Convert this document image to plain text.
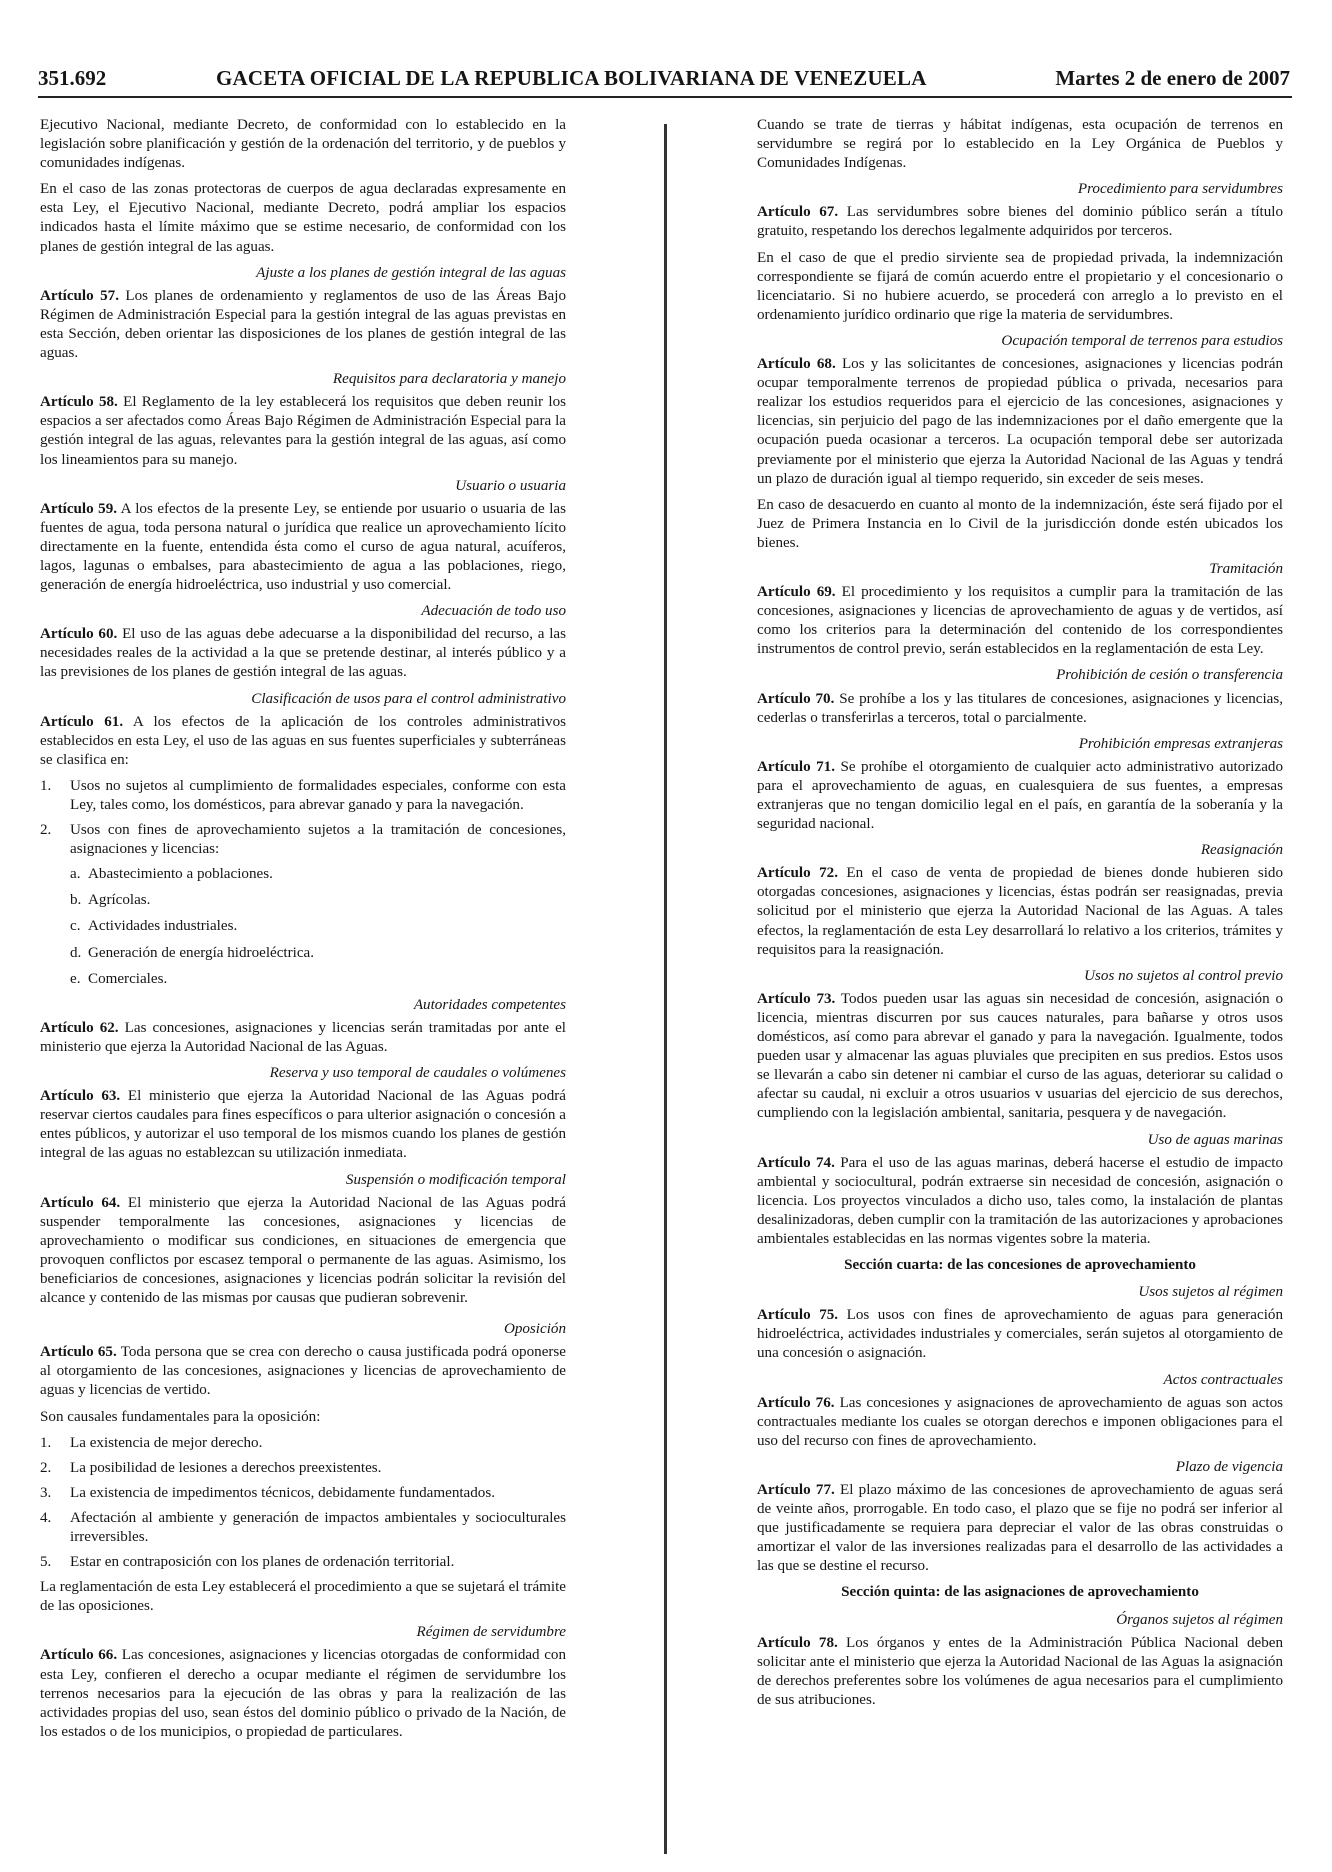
351.692	GACETA OFICIAL DE LA REPUBLICA BOLIVARIANA DE VENEZUELA	Martes 2 de enero de 2007

Ejecutivo Nacional, mediante Decreto, de conformidad con lo establecido en la legislación sobre planificación y gestión de la ordenación del territorio, y de pueblos y comunidades indígenas.

En el caso de las zonas protectoras de cuerpos de agua declaradas expresamente en esta Ley, el Ejecutivo Nacional, mediante Decreto, podrá ampliar los espacios indicados hasta el límite máximo que se estime necesario, de conformidad con los planes de gestión integral de las aguas.

Ajuste a los planes de gestión integral de las aguas

Artículo 57. Los planes de ordenamiento y reglamentos de uso de las Áreas Bajo Régimen de Administración Especial para la gestión integral de las aguas previstas en esta Sección, deben orientar las disposiciones de los planes de gestión integral de las aguas.

Requisitos para declaratoria y manejo

Artículo 58. El Reglamento de la ley establecerá los requisitos que deben reunir los espacios a ser afectados como Áreas Bajo Régimen de Administración Especial para la gestión integral de las aguas, relevantes para la gestión integral de las aguas, así como los lineamientos para su manejo.

Usuario o usuaria

Artículo 59. A los efectos de la presente Ley, se entiende por usuario o usuaria de las fuentes de agua, toda persona natural o jurídica que realice un aprovechamiento lícito directamente en la fuente, entendida ésta como el curso de agua natural, acuíferos, lagos, lagunas o embalses, para abastecimiento de agua a las poblaciones, riego, generación de energía hidroeléctrica, uso industrial y uso comercial.

Adecuación de todo uso

Artículo 60. El uso de las aguas debe adecuarse a la disponibilidad del recurso, a las necesidades reales de la actividad a la que se pretende destinar, al interés público y a las previsiones de los planes de gestión integral de las aguas.

Clasificación de usos para el control administrativo

Artículo 61. A los efectos de la aplicación de los controles administrativos establecidos en esta Ley, el uso de las aguas en sus fuentes superficiales y subterráneas se clasifica en:

1. Usos no sujetos al cumplimiento de formalidades especiales, conforme con esta Ley, tales como, los domésticos, para abrevar ganado y para la navegación.
2. Usos con fines de aprovechamiento sujetos a la tramitación de concesiones, asignaciones y licencias:
a. Abastecimiento a poblaciones.
b. Agrícolas.
c. Actividades industriales.
d. Generación de energía hidroeléctrica.
e. Comerciales.
Autoridades competentes

Artículo 62. Las concesiones, asignaciones y licencias serán tramitadas por ante el ministerio que ejerza la Autoridad Nacional de las Aguas.

Reserva y uso temporal de caudales o volúmenes

Artículo 63. El ministerio que ejerza la Autoridad Nacional de las Aguas podrá reservar ciertos caudales para fines específicos o para ulterior asignación o concesión a entes públicos, y autorizar el uso temporal de los mismos cuando los planes de gestión integral de las aguas no establezcan su utilización inmediata.

Suspensión o modificación temporal

Artículo 64. El ministerio que ejerza la Autoridad Nacional de las Aguas podrá suspender temporalmente las concesiones, asignaciones y licencias de aprovechamiento o modificar sus condiciones, en situaciones de emergencia que provoquen conflictos por escasez temporal o permanente de las aguas. Asimismo, los beneficiarios de concesiones, asignaciones y licencias podrán solicitar la revisión del alcance y contenido de las mismas por causas que pudieran sobrevenir.

Oposición

Artículo 65. Toda persona que se crea con derecho o causa justificada podrá oponerse al otorgamiento de las concesiones, asignaciones y licencias de aprovechamiento de aguas y licencias de vertido.

Son causales fundamentales para la oposición:

1. La existencia de mejor derecho.
2. La posibilidad de lesiones a derechos preexistentes.
3. La existencia de impedimentos técnicos, debidamente fundamentados.
4. Afectación al ambiente y generación de impactos ambientales y socioculturales irreversibles.
5. Estar en contraposición con los planes de ordenación territorial.

La reglamentación de esta Ley establecerá el procedimiento a que se sujetará el trámite de las oposiciones.

Régimen de servidumbre

Artículo 66. Las concesiones, asignaciones y licencias otorgadas de conformidad con esta Ley, confieren el derecho a ocupar mediante el régimen de servidumbre los terrenos necesarios para la ejecución de las obras y para la realización de las actividades propias del uso, sean éstos del dominio público o privado de la Nación, de los estados o de los municipios, o propiedad de particulares.

Cuando se trate de tierras y hábitat indígenas, esta ocupación de terrenos en servidumbre se regirá por lo establecido en la Ley Orgánica de Pueblos y Comunidades Indígenas.

Procedimiento para servidumbres

Artículo 67. Las servidumbres sobre bienes del dominio público serán a título gratuito, respetando los derechos legalmente adquiridos por terceros.

En el caso de que el predio sirviente sea de propiedad privada, la indemnización correspondiente se fijará de común acuerdo entre el propietario y el concesionario o licenciatario. Si no hubiere acuerdo, se procederá con arreglo a lo previsto en el ordenamiento jurídico ordinario que rige la materia de servidumbres.

Ocupación temporal de terrenos para estudios

Artículo 68. Los y las solicitantes de concesiones, asignaciones y licencias podrán ocupar temporalmente terrenos de propiedad pública o privada, necesarios para realizar los estudios requeridos para el ejercicio de las concesiones, asignaciones y licencias, sin perjuicio del pago de las indemnizaciones por el daño emergente que la ocupación pueda ocasionar a terceros. La ocupación temporal debe ser autorizada previamente por el ministerio que ejerza la Autoridad Nacional de las Aguas y tendrá un plazo de duración igual al tiempo requerido, sin exceder de seis meses.

En caso de desacuerdo en cuanto al monto de la indemnización, éste será fijado por el Juez de Primera Instancia en lo Civil de la jurisdicción donde estén ubicados los bienes.

Tramitación

Artículo 69. El procedimiento y los requisitos a cumplir para la tramitación de las concesiones, asignaciones y licencias de aprovechamiento de aguas y de vertidos, así como los criterios para la determinación del contenido de los correspondientes instrumentos de control previo, serán establecidos en la reglamentación de esta Ley.

Prohibición de cesión o transferencia

Artículo 70. Se prohíbe a los y las titulares de concesiones, asignaciones y licencias, cederlas o transferirlas a terceros, total o parcialmente.

Prohibición empresas extranjeras

Artículo 71. Se prohíbe el otorgamiento de cualquier acto administrativo autorizado para el aprovechamiento de aguas, en cualesquiera de sus fuentes, a empresas extranjeras que no tengan domicilio legal en el país, en garantía de la soberanía y la seguridad nacional.

Reasignación

Artículo 72. En el caso de venta de propiedad de bienes donde hubieren sido otorgadas concesiones, asignaciones y licencias, éstas podrán ser reasignadas, previa solicitud por el ministerio que ejerza la Autoridad Nacional de las Aguas. A tales efectos, la reglamentación de esta Ley desarrollará lo relativo a los criterios, trámites y requisitos para la reasignación.

Usos no sujetos al control previo

Artículo 73. Todos pueden usar las aguas sin necesidad de concesión, asignación o licencia, mientras discurren por sus cauces naturales, para bañarse y otros usos domésticos, así como para abrevar el ganado y para la navegación. Igualmente, todos pueden usar y almacenar las aguas pluviales que precipiten en sus predios. Estos usos se llevarán a cabo sin detener ni cambiar el curso de las aguas, deteriorar su calidad o afectar su caudal, ni excluir a otros usuarios v usuarias del ejercicio de sus derechos, cumpliendo con la legislación ambiental, sanitaria, pesquera y de navegación.

Uso de aguas marinas

Artículo 74. Para el uso de las aguas marinas, deberá hacerse el estudio de impacto ambiental y sociocultural, podrán extraerse sin necesidad de concesión, asignación o licencia. Los proyectos vinculados a dicho uso, tales como, la instalación de plantas desalinizadoras, deben cumplir con la tramitación de las autorizaciones y aprobaciones ambientales establecidas en las normas vigentes sobre la materia.

Sección cuarta: de las concesiones de aprovechamiento
Usos sujetos al régimen

Artículo 75. Los usos con fines de aprovechamiento de aguas para generación hidroeléctrica, actividades industriales y comerciales, serán sujetos al otorgamiento de una concesión o asignación.

Actos contractuales

Artículo 76. Las concesiones y asignaciones de aprovechamiento de aguas son actos contractuales mediante los cuales se otorgan derechos e imponen obligaciones para el uso del recurso con fines de aprovechamiento.

Plazo de vigencia

Artículo 77. El plazo máximo de las concesiones de aprovechamiento de aguas será de veinte años, prorrogable. En todo caso, el plazo que se fije no podrá ser inferior al que justificadamente se requiera para depreciar el valor de las obras construidas o amortizar el valor de las inversiones realizadas para el desarrollo de las actividades a las que se destine el recurso.

Sección quinta: de las asignaciones de aprovechamiento
Órganos sujetos al régimen

Artículo 78. Los órganos y entes de la Administración Pública Nacional deben solicitar ante el ministerio que ejerza la Autoridad Nacional de las Aguas la asignación de derechos preferentes sobre los volúmenes de agua necesarios para el cumplimiento de sus atribuciones.
